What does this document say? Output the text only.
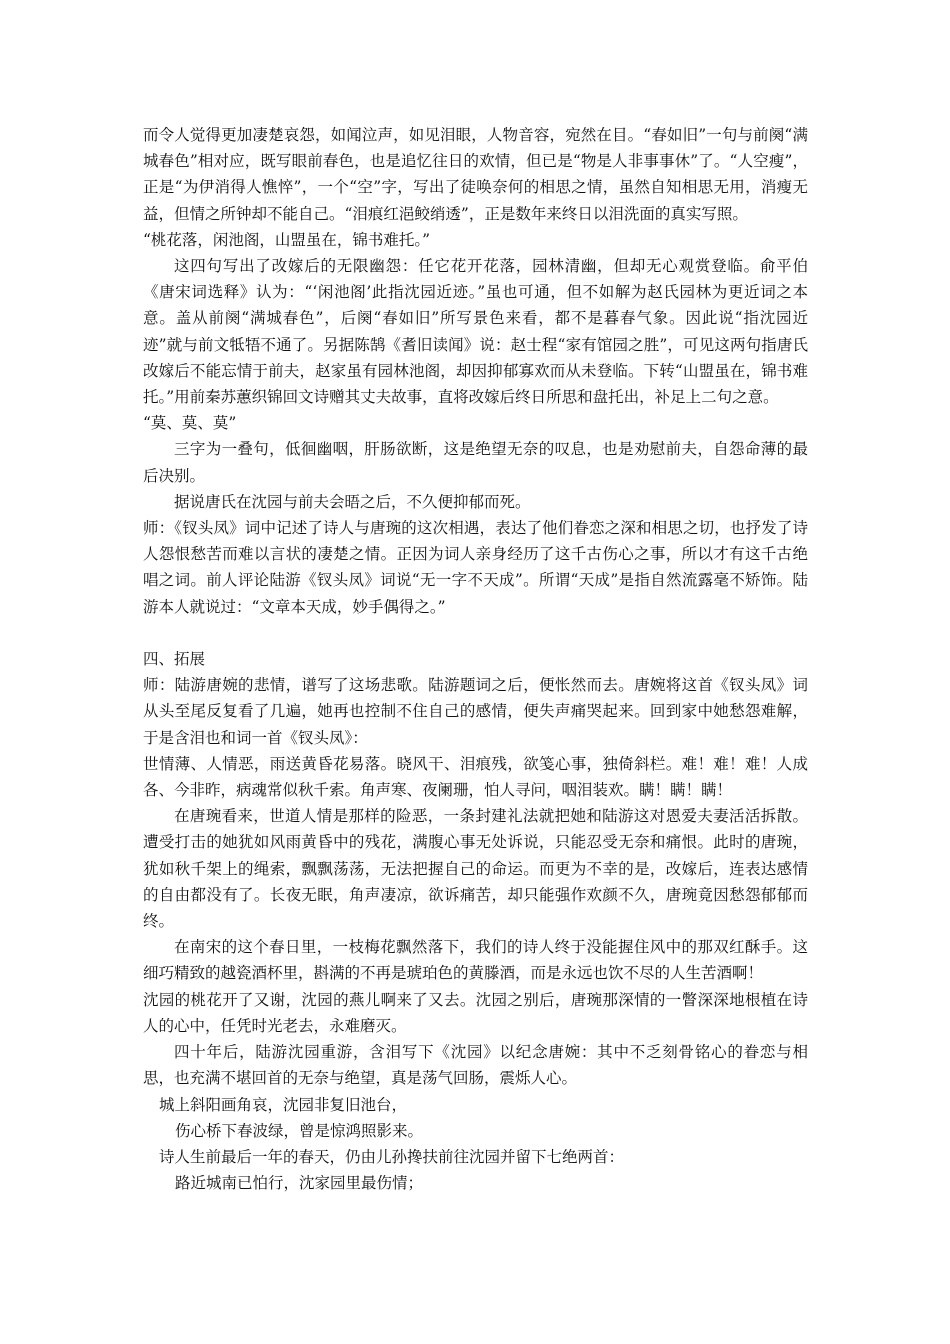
而令人觉得更加凄楚哀怨，如闻泣声，如见泪眼，人物音容，宛然在目。“春如旧”一句与前阕“满城春色”相对应，既写眼前春色，也是追忆往日的欢情，但已是“物是人非事事休”了。“人空瘦”，正是“为伊消得人憔悴”，一个“空”字，写出了徒唤奈何的相思之情，虽然自知相思无用，消瘦无益，但情之所钟却不能自己。“泪痕红浥鲛绡透”，正是数年来终日以泪洗面的真实写照。

“桃花落，闲池阁，山盟虽在，锦书难托。”

这四句写出了改嫁后的无限幽怨：任它花开花落，园林清幽，但却无心观赏登临。俞平伯《唐宋词选释》认为：“‘闲池阁’此指沈园近迹。”虽也可通，但不如解为赵氏园林为更近词之本意。盖从前阕“满城春色”，后阕“春如旧”所写景色来看，都不是暮春气象。因此说“指沈园近迹”就与前文牴牾不通了。另据陈鹄《耆旧读闻》说：赵士程“家有馆园之胜”，可见这两句指唐氏改嫁后不能忘情于前夫，赵家虽有园林池阁，却因抑郁寡欢而从未登临。下转“山盟虽在，锦书难托。”用前秦苏蕙织锦回文诗赠其丈夫故事，直将改嫁后终日所思和盘托出，补足上二句之意。

“莫、莫、莫”

三字为一叠句，低徊幽咽，肝肠欲断，这是绝望无奈的叹息，也是劝慰前夫，自怨命薄的最后决别。

据说唐氏在沈园与前夫会晤之后，不久便抑郁而死。

师：《钗头凤》词中记述了诗人与唐琬的这次相遇，表达了他们眷恋之深和相思之切，也抒发了诗人怨恨愁苦而难以言状的凄楚之情。正因为词人亲身经历了这千古伤心之事，所以才有这千古绝唱之词。前人评论陆游《钗头凤》词说“无一字不天成”。所谓“天成”是指自然流露毫不矫饰。陆游本人就说过：“文章本天成，妙手偶得之。”

四、拓展

师：陆游唐婉的悲情，谱写了这场悲歌。陆游题词之后，便怅然而去。唐婉将这首《钗头凤》词从头至尾反复看了几遍，她再也控制不住自己的感情，便失声痛哭起来。回到家中她愁怨难解，于是含泪也和词一首《钗头凤》：

世情薄、人情恶，雨送黄昏花易落。晓风干、泪痕残，欲笺心事，独倚斜栏。难！难！难！人成各、今非昨，病魂常似秋千索。角声寒、夜阑珊，怕人寻问，咽泪装欢。瞒！瞒！瞒！

在唐琬看来，世道人情是那样的险恶，一条封建礼法就把她和陆游这对恩爱夫妻活活拆散。遭受打击的她犹如风雨黄昏中的残花，满腹心事无处诉说，只能忍受无奈和痛恨。此时的唐琬，犹如秋千架上的绳索，飘飘荡荡，无法把握自己的命运。而更为不幸的是，改嫁后，连表达感情的自由都没有了。长夜无眠，角声凄凉，欲诉痛苦，却只能强作欢颜不久，唐琬竟因愁怨郁郁而终。

在南宋的这个春日里，一枝梅花飘然落下，我们的诗人终于没能握住风中的那双红酥手。这细巧精致的越瓷酒杯里，斟满的不再是琥珀色的黄滕酒，而是永远也饮不尽的人生苦酒啊！

沈园的桃花开了又谢，沈园的燕儿啊来了又去。沈园之别后，唐琬那深情的一瞥深深地根植在诗人的心中，任凭时光老去，永难磨灭。

四十年后，陆游沈园重游，含泪写下《沈园》以纪念唐婉：其中不乏刻骨铭心的眷恋与相思，也充满不堪回首的无奈与绝望，真是荡气回肠，震烁人心。

城上斜阳画角哀，沈园非复旧池台，

伤心桥下春波绿，曾是惊鸿照影来。

诗人生前最后一年的春天，仍由儿孙搀扶前往沈园并留下七绝两首：

路近城南已怕行，沈家园里最伤情；
